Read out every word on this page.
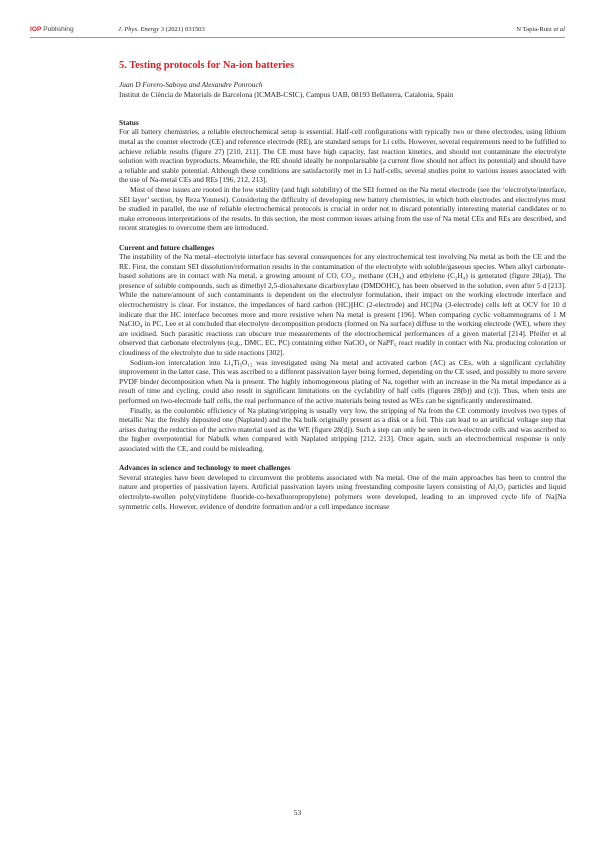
IOP Publishing	J. Phys. Energy 3 (2021) 031503	N Tapia-Ruiz et al
5. Testing protocols for Na-ion batteries

Juan D Forero-Saboya and Alexandre Ponrouch

Institut de Ciència de Materials de Barcelona (ICMAB-CSIC), Campus UAB, 08193 Bellaterra, Catalonia, Spain

Status

For all battery chemistries, a reliable electrochemical setup is essential. Half-cell configurations with typically two or three electrodes, using lithium metal as the counter electrode (CE) and reference electrode (RE), are standard setups for Li cells. However, several requirements need to be fulfilled to achieve reliable results (figure 27) [210, 211]. The CE must have high capacity, fast reaction kinetics, and should not contaminate the electrolyte solution with reaction byproducts. Meanwhile, the RE should ideally be nonpolarisable (a current flow should not affect its potential) and should have a reliable and stable potential. Although these conditions are satisfactorily met in Li half-cells, several studies point to various issues associated with the use of Na-metal CEs and REs [196, 212, 213].

Most of these issues are rooted in the low stability (and high solubility) of the SEI formed on the Na metal electrode (see the ‘electrolyte/interface, SEI layer’ section, by Reza Younesi). Considering the difficulty of developing new battery chemistries, in which both electrodes and electrolytes must be studied in parallel, the use of reliable electrochemical protocols is crucial in order not to discard potentially interesting material candidates or to make erroneous interpretations of the results. In this section, the most common issues arising from the use of Na metal CEs and REs are described, and recent strategies to overcome them are introduced.

Current and future challenges

The instability of the Na metal–electrolyte interface has several consequences for any electrochemical test involving Na metal as both the CE and the RE. First, the constant SEI dissolution/reformation results in the contamination of the electrolyte with soluble/gaseous species. When alkyl carbonate-based solutions are in contact with Na metal, a growing amount of CO, CO₂, methane (CH₄) and ethylene (C₂H₄) is generated (figure 28(a)). The presence of soluble compounds, such as dimethyl 2,5-dioxahexane dicarboxylate (DMDOHC), has been observed in the solution, even after 5 d [213]. While the nature/amount of such contaminants is dependent on the electrolyte formulation, their impact on the working electrode interface and electrochemistry is clear. For instance, the impedances of hard carbon (HC)||HC (2-electrode) and HC||Na (3-electrode) cells left at OCV for 10 d indicate that the HC interface becomes more and more resistive when Na metal is present [196]. When comparing cyclic voltammograms of 1 M NaClO₄ in PC, Lee et al concluded that electrolyte decomposition products (formed on Na surface) diffuse to the working electrode (WE), where they are oxidised. Such parasitic reactions can obscure true measurements of the electrochemical performances of a given material [214]. Pfeifer et al observed that carbonate electrolytes (e.g., DMC, EC, PC) containing either NaClO₄ or NaPF₆ react readily in contact with Na, producing coloration or cloudiness of the electrolyte due to side reactions [302].

Sodium-ion intercalation into Li₄Ti₅O₁₂ was investigated using Na metal and activated carbon (AC) as CEs, with a significant cyclability improvement in the latter case. This was ascribed to a different passivation layer being formed, depending on the CE used, and possibly to more severe PVDF binder decomposition when Na is present. The highly inhomogeneous plating of Na, together with an increase in the Na metal impedance as a result of time and cycling, could also result in significant limitations on the cyclability of half cells (figures 28(b)) and (c)). Thus, when tests are performed on two-electrode half cells, the real performance of the active materials being tested as WEs can be significantly underestimated.

Finally, as the coulombic efficiency of Na plating/stripping is usually very low, the stripping of Na from the CE commonly involves two types of metallic Na: the freshly deposited one (Naplated) and the Na bulk originally present as a disk or a foil. This can lead to an artificial voltage step that arises during the reduction of the active material used as the WE (figure 28(d)). Such a step can only be seen in two-electrode cells and was ascribed to the higher overpotential for Nabulk when compared with Naplated stripping [212, 213]. Once again, such an electrochemical response is only associated with the CE, and could be misleading.

Advances in science and technology to meet challenges

Several strategies have been developed to circumvent the problems associated with Na metal. One of the main approaches has been to control the nature and properties of passivation layers. Artificial passivation layers using freestanding composite layers consisting of Al₂O₃ particles and liquid electrolyte-swollen poly(vinylidene fluoride-co-hexafluoropropylene) polymers were developed, leading to an improved cycle life of Na||Na symmetric cells. However, evidence of dendrite formation and/or a cell impedance increase

53
